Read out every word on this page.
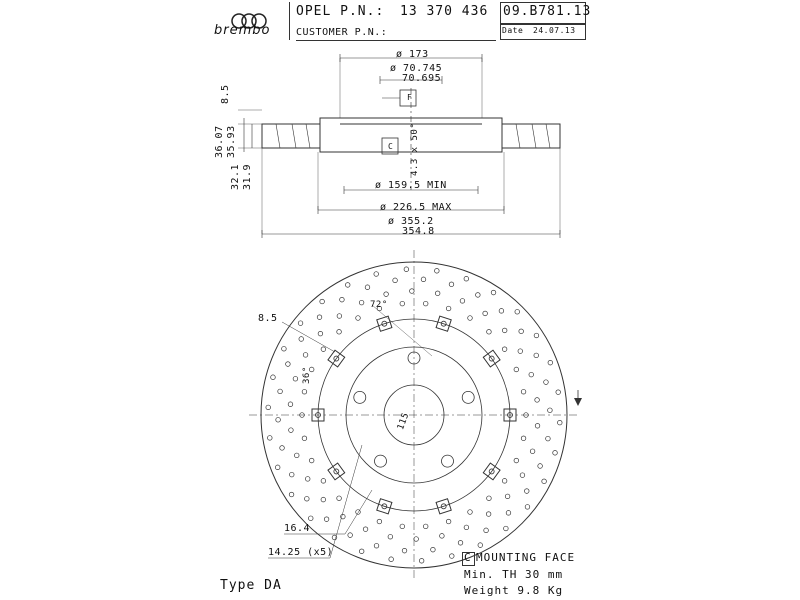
brembo
OPEL P.N.: 13 370 436 09.B781.13
CUSTOMER P.N.:	Date 24.07.13
ø 173
ø 70.745
70.695
F
C
8.5
36.07 35.93
32.1 31.9
4.3 x 50°
ø 159.5 MIN
ø 226.5 MAX
ø 355.2
354.8
72°
8.5
36°
115
16.4
14.25 (x5)	C MOUNTING FACE
Min. TH 30 mm
Weight 9.8 Kg
Type DA
